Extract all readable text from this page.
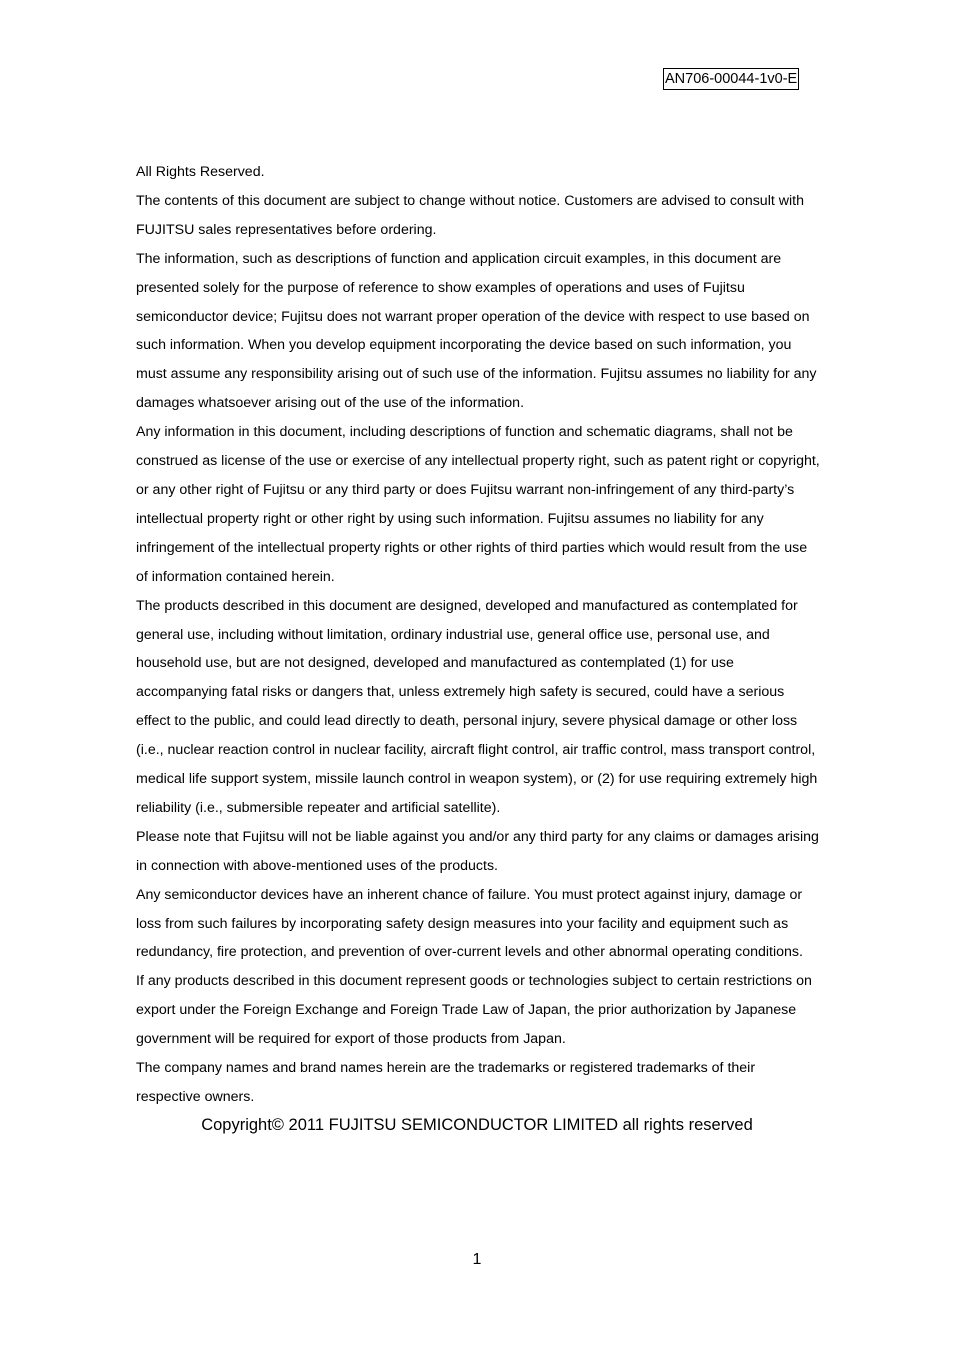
AN706-00044-1v0-E

All Rights Reserved.

The contents of this document are subject to change without notice. Customers are advised to consult with FUJITSU sales representatives before ordering.

The information, such as descriptions of function and application circuit examples, in this document are presented solely for the purpose of reference to show examples of operations and uses of Fujitsu semiconductor device; Fujitsu does not warrant proper operation of the device with respect to use based on such information. When you develop equipment incorporating the device based on such information, you must assume any responsibility arising out of such use of the information. Fujitsu assumes no liability for any damages whatsoever arising out of the use of the information.

Any information in this document, including descriptions of function and schematic diagrams, shall not be construed as license of the use or exercise of any intellectual property right, such as patent right or copyright, or any other right of Fujitsu or any third party or does Fujitsu warrant non-infringement of any third-party’s intellectual property right or other right by using such information. Fujitsu assumes no liability for any infringement of the intellectual property rights or other rights of third parties which would result from the use of information contained herein.

The products described in this document are designed, developed and manufactured as contemplated for general use, including without limitation, ordinary industrial use, general office use, personal use, and household use, but are not designed, developed and manufactured as contemplated (1) for use accompanying fatal risks or dangers that, unless extremely high safety is secured, could have a serious effect to the public, and could lead directly to death, personal injury, severe physical damage or other loss (i.e., nuclear reaction control in nuclear facility, aircraft flight control, air traffic control, mass transport control, medical life support system, missile launch control in weapon system), or (2) for use requiring extremely high reliability (i.e., submersible repeater and artificial satellite).

Please note that Fujitsu will not be liable against you and/or any third party for any claims or damages arising in connection with above-mentioned uses of the products.

Any semiconductor devices have an inherent chance of failure. You must protect against injury, damage or loss from such failures by incorporating safety design measures into your facility and equipment such as redundancy, fire protection, and prevention of over-current levels and other abnormal operating conditions.

If any products described in this document represent goods or technologies subject to certain restrictions on export under the Foreign Exchange and Foreign Trade Law of Japan, the prior authorization by Japanese government will be required for export of those products from Japan.

The company names and brand names herein are the trademarks or registered trademarks of their respective owners.

Copyright© 2011 FUJITSU SEMICONDUCTOR LIMITED all rights reserved
1
